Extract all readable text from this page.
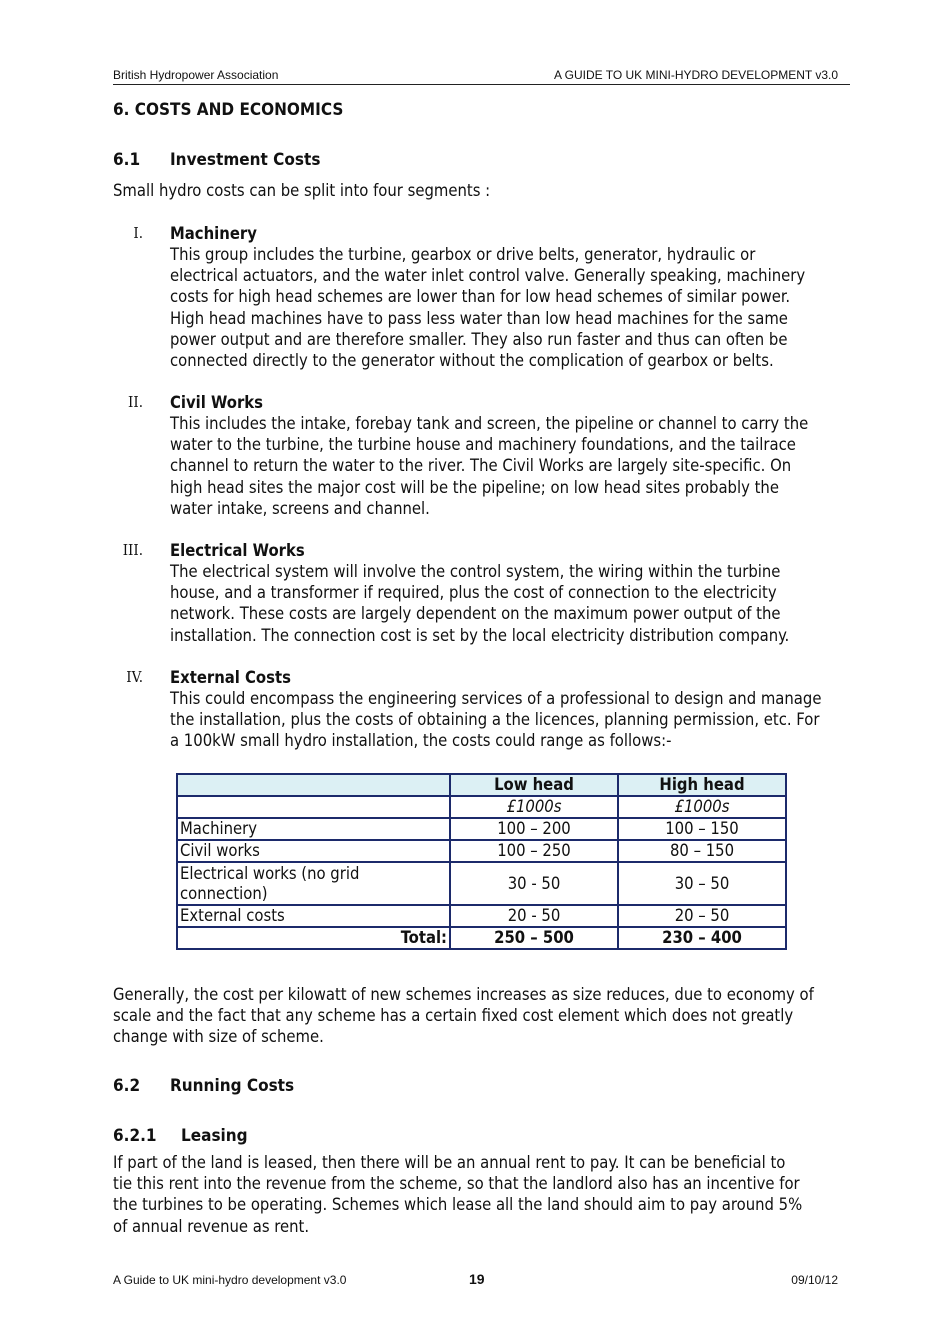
British Hydropower Association	A GUIDE TO UK MINI-HYDRO DEVELOPMENT v3.0
6. COSTS AND ECONOMICS
6.1 Investment Costs
Small hydro costs can be split into four segments :
I. Machinery
This group includes the turbine, gearbox or drive belts, generator, hydraulic or
electrical actuators, and the water inlet control valve. Generally speaking, machinery
costs for high head schemes are lower than for low head schemes of similar power.
High head machines have to pass less water than low head machines for the same
power output and are therefore smaller. They also run faster and thus can often be
connected directly to the generator without the complication of gearbox or belts.
II. Civil Works
This includes the intake, forebay tank and screen, the pipeline or channel to carry the
water to the turbine, the turbine house and machinery foundations, and the tailrace
channel to return the water to the river. The Civil Works are largely site-specific. On
high head sites the major cost will be the pipeline; on low head sites probably the
water intake, screens and channel.
III. Electrical Works
The electrical system will involve the control system, the wiring within the turbine
house, and a transformer if required, plus the cost of connection to the electricity
network. These costs are largely dependent on the maximum power output of the
installation. The connection cost is set by the local electricity distribution company.
IV. External Costs
This could encompass the engineering services of a professional to design and manage
the installation, plus the costs of obtaining a the licences, planning permission, etc. For
a 100kW small hydro installation, the costs could range as follows:-
	Low head	High head
	£1000s	£1000s
Machinery	100 – 200	100 – 150
Civil works	100 – 250	80 – 150
Electrical works (no grid connection)	30 - 50	30 – 50
External costs	20 - 50	20 – 50
Total:	250 – 500	230 – 400
Generally, the cost per kilowatt of new schemes increases as size reduces, due to economy of
scale and the fact that any scheme has a certain fixed cost element which does not greatly
change with size of scheme.
6.2 Running Costs
6.2.1 Leasing
If part of the land is leased, then there will be an annual rent to pay. It can be beneficial to
tie this rent into the revenue from the scheme, so that the landlord also has an incentive for
the turbines to be operating. Schemes which lease all the land should aim to pay around 5%
of annual revenue as rent.
A Guide to UK mini-hydro development v3.0	19	09/10/12
